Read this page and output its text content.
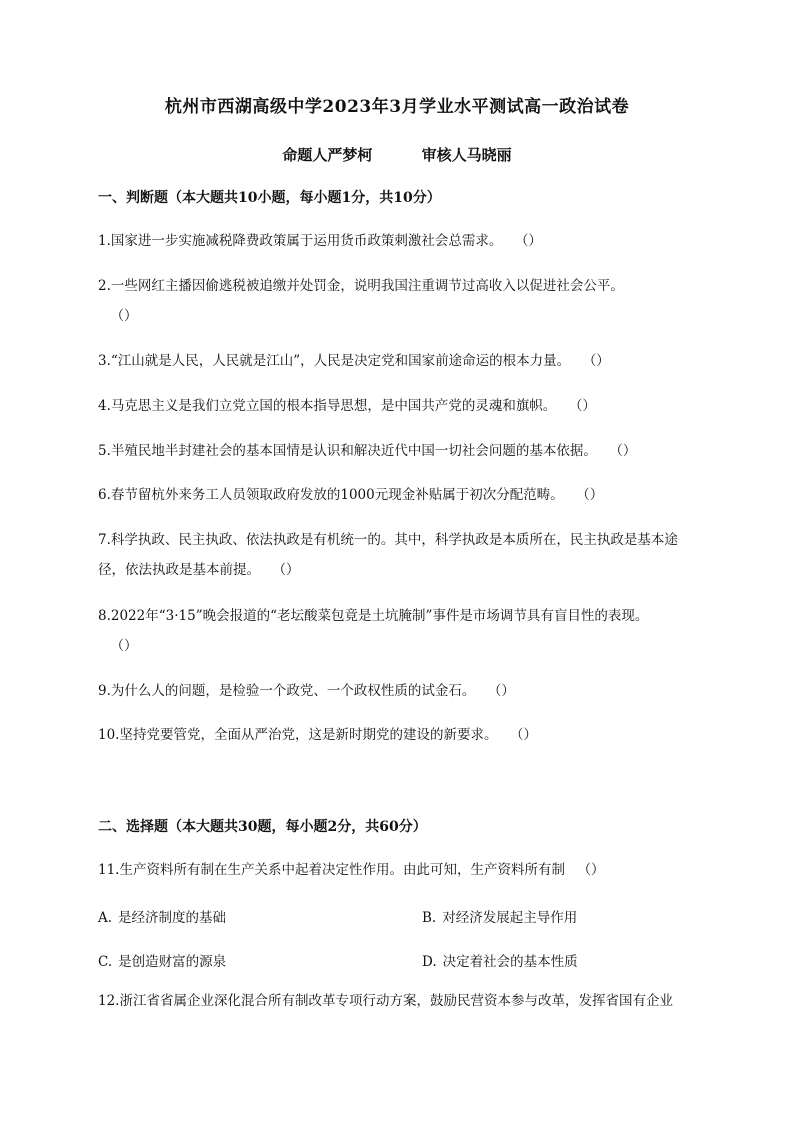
杭州市西湖高级中学2023年3月学业水平测试高一政治试卷
命题人严梦柯	审核人马晓丽
一、判断题（本大题共10小题，每小题1分，共10分）
1.国家进一步实施减税降费政策属于运用货币政策刺激社会总需求。（ ）
2.一些网红主播因偷逃税被追缴并处罚金，说明我国注重调节过高收入以促进社会公平。
（ ）
3.“江山就是人民，人民就是江山”，人民是决定党和国家前途命运的根本力量。（ ）
4.马克思主义是我们立党立国的根本指导思想，是中国共产党的灵魂和旗帜。（ ）
5.半殖民地半封建社会的基本国情是认识和解决近代中国一切社会问题的基本依据。（ ）
6.春节留杭外来务工人员领取政府发放的1000元现金补贴属于初次分配范畴。（ ）
7.科学执政、民主执政、依法执政是有机统一的。其中，科学执政是本质所在，民主执政是基本途径，依法执政是基本前提。（ ）
8.2022年“3·15”晚会报道的“老坛酸菜包竟是土坑腌制”事件是市场调节具有盲目性的表现。
（ ）
9.为什么人的问题，是检验一个政党、一个政权性质的试金石。（ ）
10.坚持党要管党，全面从严治党，这是新时期党的建设的新要求。（ ）
二、选择题（本大题共30题，每小题2分，共60分）
11.生产资料所有制在生产关系中起着决定性作用。由此可知，生产资料所有制（ ）
A. 是经济制度的基础	B. 对经济发展起主导作用
C. 是创造财富的源泉	D. 决定着社会的基本性质
12.浙江省省属企业深化混合所有制改革专项行动方案，鼓励民营资本参与改革，发挥省国有企业
